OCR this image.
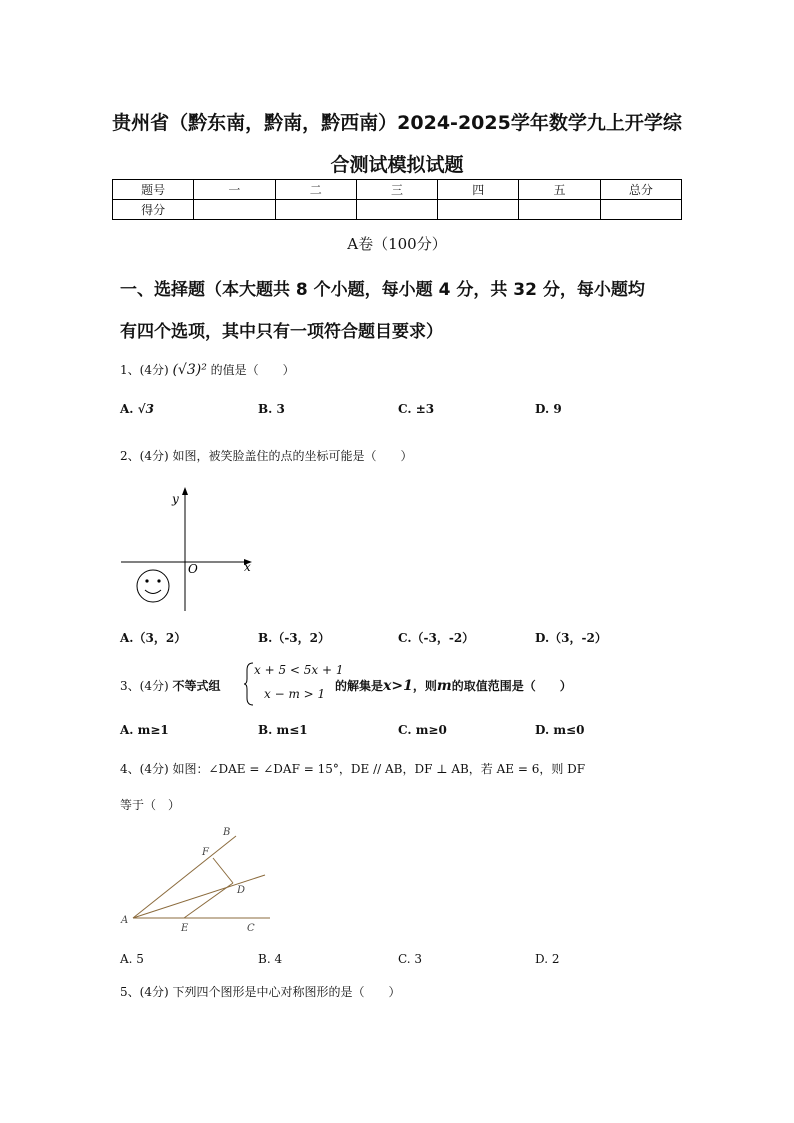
贵州省（黔东南，黔南，黔西南）2024-2025学年数学九上开学综
合测试模拟试题
题号	一	二	三	四	五	总分
得分						
A卷（100分）
一、选择题（本大题共 8 个小题，每小题 4 分，共 32 分，每小题均
有四个选项，其中只有一项符合题目要求）
1、(4分) (√3)² 的值是（　　）
A. √3	B. 3	C. ±3	D. 9
2、(4分) 如图，被笑脸盖住的点的坐标可能是（　　）
y
x
O
A.（3，2）	B.（-3，2）	C.（-3，-2）	D.（3，-2）
3、(4分) 不等式组
x + 5 < 5x + 1
x − m > 1
的解集是x>1，则m的取值范围是（　　）
A. m≥1	B. m≤1	C. m≥0	D. m≤0
4、(4分) 如图：∠DAE = ∠DAF = 15°，DE // AB，DF ⊥ AB，若 AE = 6，则 DF
等于（　）
B
F
D
A
E	C
A. 5	B. 4	C. 3	D. 2
5、(4分) 下列四个图形是中心对称图形的是（　　）
